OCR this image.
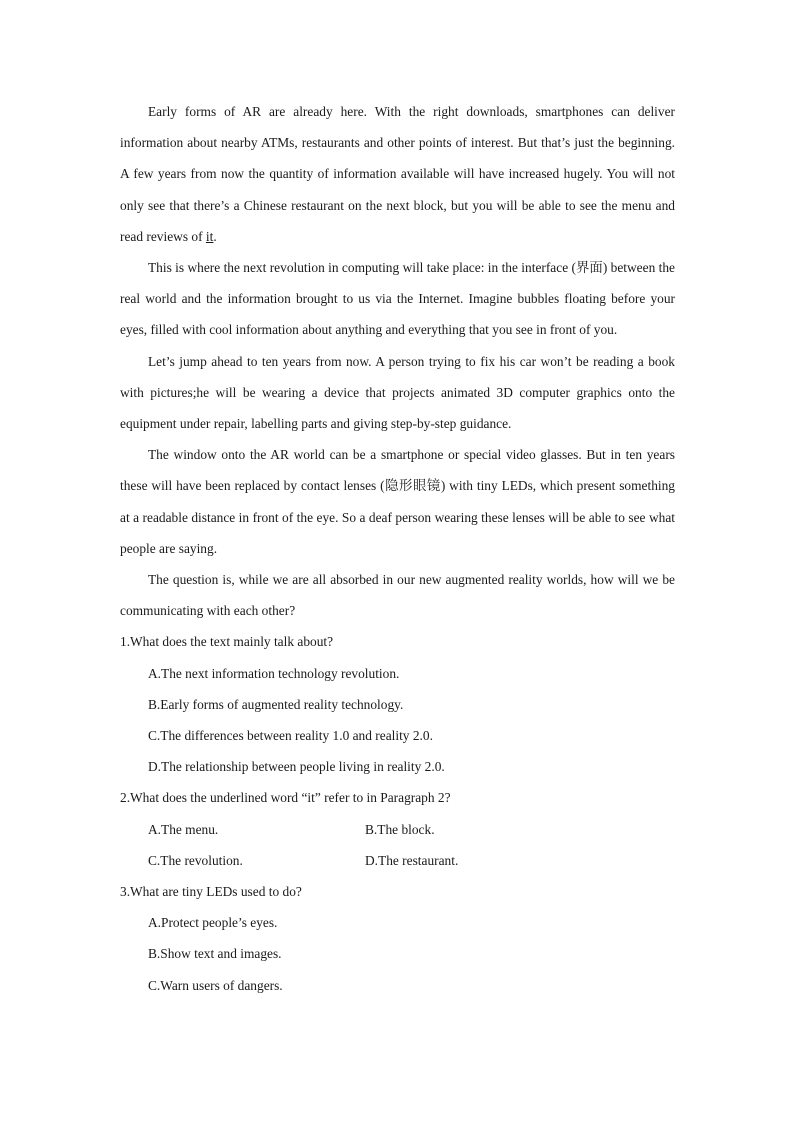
Early forms of AR are already here. With the right downloads, smartphones can deliver information about nearby ATMs, restaurants and other points of interest. But that’s just the beginning. A few years from now the quantity of information available will have increased hugely. You will not only see that there’s a Chinese restaurant on the next block, but you will be able to see the menu and read reviews of it.

This is where the next revolution in computing will take place: in the interface (界面) between the real world and the information brought to us via the Internet. Imagine bubbles floating before your eyes, filled with cool information about anything and everything that you see in front of you.

Let’s jump ahead to ten years from now. A person trying to fix his car won’t be reading a book with pictures;he will be wearing a device that projects animated 3D computer graphics onto the equipment under repair, labelling parts and giving step-by-step guidance.

The window onto the AR world can be a smartphone or special video glasses. But in ten years these will have been replaced by contact lenses (隐形眼镜) with tiny LEDs, which present something at a readable distance in front of the eye. So a deaf person wearing these lenses will be able to see what people are saying.

The question is, while we are all absorbed in our new augmented reality worlds, how will we be communicating with each other?

1.What does the text mainly talk about?

A.The next information technology revolution.

B.Early forms of augmented reality technology.

C.The differences between reality 1.0 and reality 2.0.

D.The relationship between people living in reality 2.0.

2.What does the underlined word “it” refer to in Paragraph 2?

A.The menu.	B.The block.
C.The revolution.	D.The restaurant.

3.What are tiny LEDs used to do?

A.Protect people’s eyes.

B.Show text and images.

C.Warn users of dangers.
